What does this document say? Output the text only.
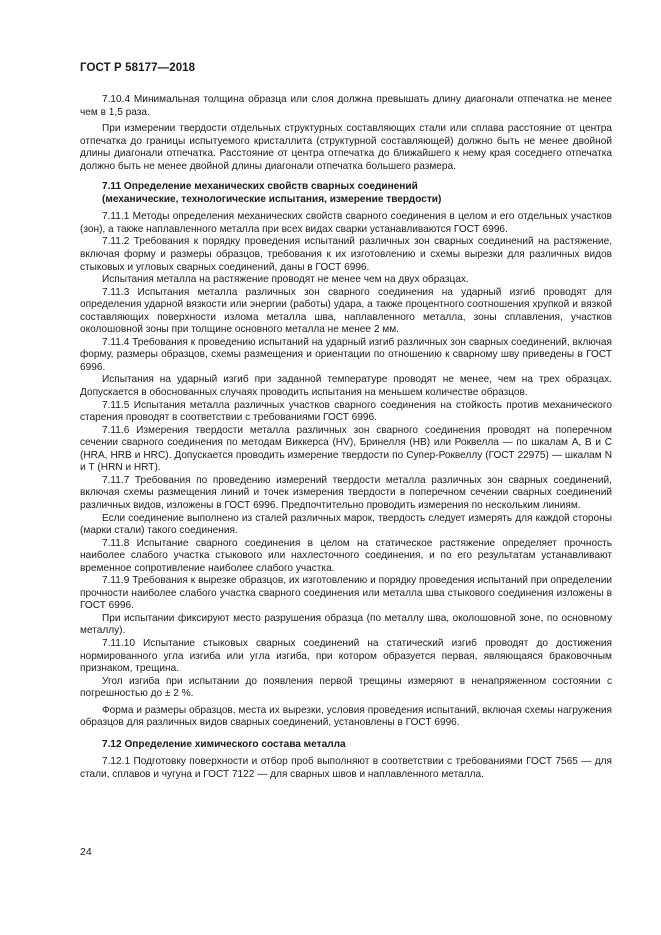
ГОСТ Р 58177—2018

7.10.4 Минимальная толщина образца или слоя должна превышать длину диагонали отпечатка не менее чем в 1,5 раза.

При измерении твердости отдельных структурных составляющих стали или сплава расстояние от центра отпечатка до границы испытуемого кристаллита (структурной составляющей) должно быть не менее двойной длины диагонали отпечатка. Расстояние от центра отпечатка до ближайшего к нему края соседнего отпечатка должно быть не менее двойной длины диагонали отпечатка большего размера.

7.11 Определение механических свойств сварных соединений
(механические, технологические испытания, измерение твердости)

7.11.1 Методы определения механических свойств сварного соединения в целом и его отдельных участков (зон), а также наплавленного металла при всех видах сварки устанавливаются ГОСТ 6996.

7.11.2 Требования к порядку проведения испытаний различных зон сварных соединений на растяжение, включая форму и размеры образцов, требования к их изготовлению и схемы вырезки для различных видов стыковых и угловых сварных соединений, даны в ГОСТ 6996.

Испытания металла на растяжение проводят не менее чем на двух образцах.

7.11.3 Испытания металла различных зон сварного соединения на ударный изгиб проводят для определения ударной вязкости или энергии (работы) удара, а также процентного соотношения хрупкой и вязкой составляющих поверхности излома металла шва, наплавленного металла, зоны сплавления, участков околошовной зоны при толщине основного металла не менее 2 мм.

7.11.4 Требования к проведению испытаний на ударный изгиб различных зон сварных соединений, включая форму, размеры образцов, схемы размещения и ориентации по отношению к сварному шву приведены в ГОСТ 6996.

Испытания на ударный изгиб при заданной температуре проводят не менее, чем на трех образцах. Допускается в обоснованных случаях проводить испытания на меньшем количестве образцов.

7.11.5 Испытания металла различных участков сварного соединения на стойкость против механического старения проводят в соответствии с требованиями ГОСТ 6996.

7.11.6 Измерения твердости металла различных зон сварного соединения проводят на поперечном сечении сварного соединения по методам Виккерса (HV), Бринелля (НВ) или Роквелла — по шкалам А, В и С (HRA, HRB и HRC). Допускается проводить измерение твердости по Супер-Роквеллу (ГОСТ 22975) — шкалам N и Т (HRN и HRT).

7.11.7 Требования по проведению измерений твердости металла различных зон сварных соединений, включая схемы размещения линий и точек измерения твердости в поперечном сечении сварных соединений различных видов, изложены в ГОСТ 6996. Предпочтительно проводить измерения по нескольким линиям.

Если соединение выполнено из сталей различных марок, твердость следует измерять для каждой стороны (марки стали) такого соединения.

7.11.8 Испытание сварного соединения в целом на статическое растяжение определяет прочность наиболее слабого участка стыкового или нахлесточного соединения, и по его результатам устанавливают временное сопротивление наиболее слабого участка.

7.11.9 Требования к вырезке образцов, их изготовлению и порядку проведения испытаний при определении прочности наиболее слабого участка сварного соединения или металла шва стыкового соединения изложены в ГОСТ 6996.

При испытании фиксируют место разрушения образца (по металлу шва, околошовной зоне, по основному металлу).

7.11.10 Испытание стыковых сварных соединений на статический изгиб проводят до достижения нормированного угла изгиба или угла изгиба, при котором образуется первая, являющаяся браковочным признаком, трещина.

Угол изгиба при испытании до появления первой трещины измеряют в ненапряженном состоянии с погрешностью до ± 2 %.

Форма и размеры образцов, места их вырезки, условия проведения испытаний, включая схемы нагружения образцов для различных видов сварных соединений, установлены в ГОСТ 6996.

7.12 Определение химического состава металла

7.12.1 Подготовку поверхности и отбор проб выполняют в соответствии с требованиями ГОСТ 7565 — для стали, сплавов и чугуна и ГОСТ 7122 — для сварных швов и наплавленного металла.

24
